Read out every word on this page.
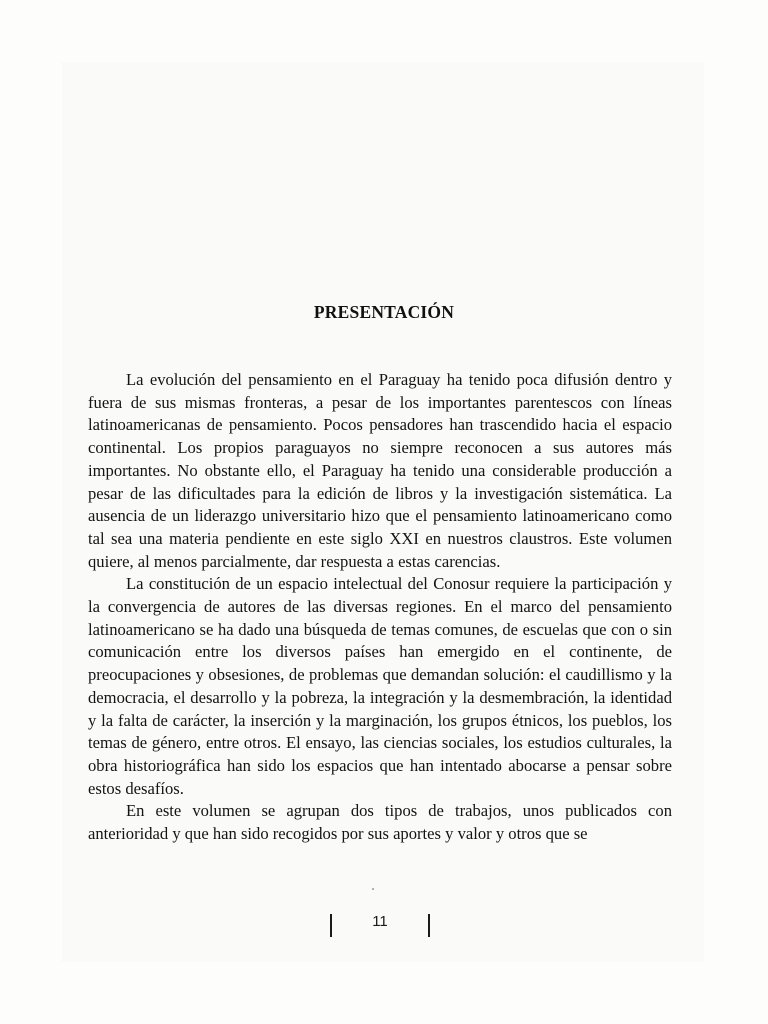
PRESENTACIÓN

La evolución del pensamiento en el Paraguay ha tenido poca difusión dentro y fuera de sus mismas fronteras, a pesar de los importantes parentescos con líneas latinoamericanas de pensamiento. Pocos pensadores han trascendido hacia el espacio continental. Los propios paraguayos no siempre reconocen a sus autores más importantes. No obstante ello, el Paraguay ha tenido una considerable producción a pesar de las dificultades para la edición de libros y la investigación sistemática. La ausencia de un liderazgo universitario hizo que el pensamiento latinoamericano como tal sea una materia pendiente en este siglo XXI en nuestros claustros. Este volumen quiere, al menos parcialmente, dar respuesta a estas carencias.

La constitución de un espacio intelectual del Conosur requiere la participación y la convergencia de autores de las diversas regiones. En el marco del pensamiento latinoamericano se ha dado una búsqueda de temas comunes, de escuelas que con o sin comunicación entre los diversos países han emergido en el continente, de preocupaciones y obsesiones, de problemas que demandan solución: el caudillismo y la democracia, el desarrollo y la pobreza, la integración y la desmembración, la identidad y la falta de carácter, la inserción y la marginación, los grupos étnicos, los pueblos, los temas de género, entre otros. El ensayo, las ciencias sociales, los estudios culturales, la obra historiográfica han sido los espacios que han intentado abocarse a pensar sobre estos desafíos.

En este volumen se agrupan dos tipos de trabajos, unos publicados con anterioridad y que han sido recogidos por sus aportes y valor y otros que se

11
